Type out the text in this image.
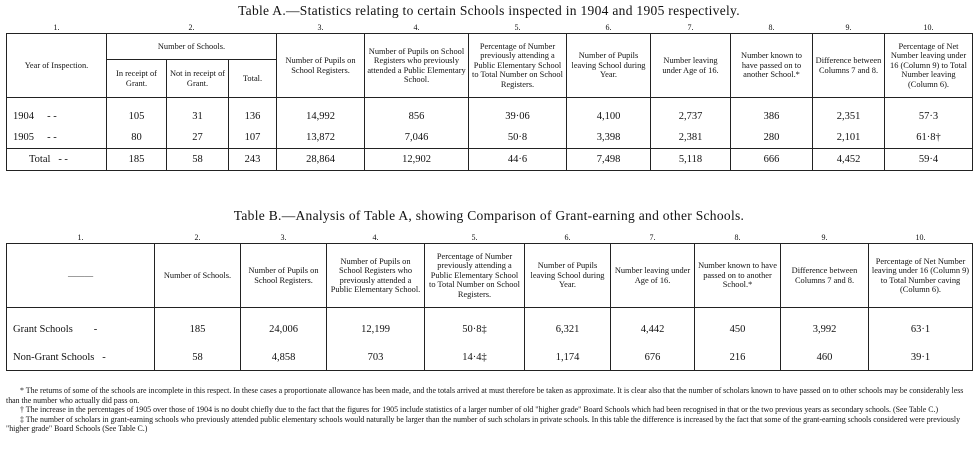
Table A.—Statistics relating to certain Schools inspected in 1904 and 1905 respectively.
1.	2.			3.	4.	5.	6.	7.	8.	9.	10.
Year of Inspection.	Number of Schools.			Number of Pupils on School Registers.	Number of Pupils on School Registers who previously attended a Public Elementary School.	Percentage of Number previously attending a Public Elementary School to Total Number on School Registers.	Number of Pupils leaving School during Year.	Number leaving under Age of 16.	Number known to have passed on to another School.*	Difference between Columns 7 and 8.	Percentage of Net Number leaving under 16 (Column 9) to Total Number leaving (Column 6).
	In receipt of Grant.	Not in receipt of Grant.	Total.								
1904 - -	105	31	136	14,992	856	39·06	4,100	2,737	386	2,351	57·3
1905 - -	80	27	107	13,872	7,046	50·8	3,398	2,381	280	2,101	61·8†
Total - -	185	58	243	28,864	12,902	44·6	7,498	5,118	666	4,452	59·4
Table B.—Analysis of Table A, showing Comparison of Grant-earning and other Schools.
1.	2.	3.	4.	5.	6.	7.	8.	9.	10.
———	Number of Schools.	Number of Pupils on School Registers.	Number of Pupils on School Registers who previously attended a Public Elementary School.	Percentage of Number previously attending a Public Elementary School to Total Number on School Registers.	Number of Pupils leaving School during Year.	Number leaving under Age of 16.	Number known to have passed on to another School.*	Difference between Columns 7 and 8.	Percentage of Net Number leaving under 16 (Column 9) to Total Number caving (Column 6).
Grant Schools -	185	24,006	12,199	50·8‡	6,321	4,442	450	3,992	63·1
Non-Grant Schools -	58	4,858	703	14·4‡	1,174	676	216	460	39·1

* The returns of some of the schools are incomplete in this respect. In these cases a proportionate allowance has been made, and the totals arrived at must therefore be taken as approximate. It is clear also that the number of scholars known to have passed on to other schools may be considerably less than the number who actually did pass on.

† The increase in the percentages of 1905 over those of 1904 is no doubt chiefly due to the fact that the figures for 1905 include statistics of a larger number of old "higher grade" Board Schools which had been recognised in that or the two previous years as secondary schools. (See Table C.)

‡ The number of scholars in grant-earning schools who previously attended public elementary schools would naturally be larger than the number of such scholars in private schools. In this table the difference is increased by the fact that some of the grant-earning schools considered were previously "higher grade" Board Schools (See Table C.)
